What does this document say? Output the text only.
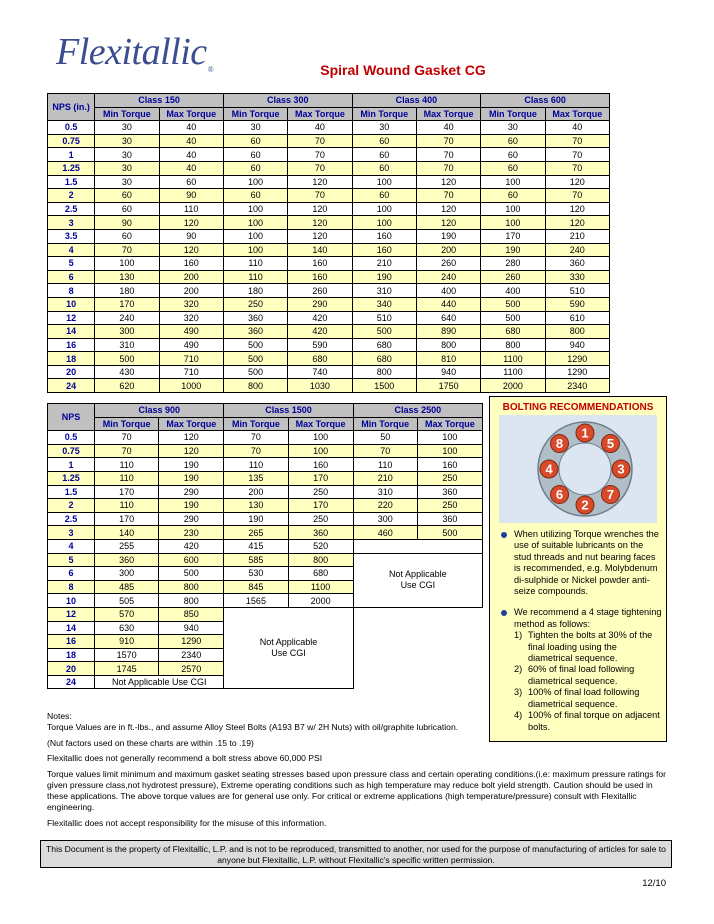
Flexitallic®	Spiral Wound Gasket CG
NPS (in.)	Class 150		Class 300		Class 400		Class 600	
	Min Torque	Max Torque	Min Torque	Max Torque	Min Torque	Max Torque	Min Torque	Max Torque
0.5	30	40	30	40	30	40	30	40
0.75	30	40	60	70	60	70	60	70
1	30	40	60	70	60	70	60	70
1.25	30	40	60	70	60	70	60	70
1.5	30	60	100	120	100	120	100	120
2	60	90	60	70	60	70	60	70
2.5	60	110	100	120	100	120	100	120
3	90	120	100	120	100	120	100	120
3.5	60	90	100	120	160	190	170	210
4	70	120	100	140	160	200	190	240
5	100	160	110	160	210	260	280	360
6	130	200	110	160	190	240	260	330
8	180	200	180	260	310	400	400	510
10	170	320	250	290	340	440	500	590
12	240	320	360	420	510	640	500	610
14	300	490	360	420	500	890	680	800
16	310	490	500	590	680	800	800	940
18	500	710	500	680	680	810	1100	1290
20	430	710	500	740	800	940	1100	1290
24	620	1000	800	1030	1500	1750	2000	2340
NPS	Class 900		Class 1500		Class 2500	
	Min Torque	Max Torque	Min Torque	Max Torque	Min Torque	Max Torque
0.5	70	120	70	100	50	100
0.75	70	120	70	100	70	100
1	110	190	110	160	110	160
1.25	110	190	135	170	210	250
1.5	170	290	200	250	310	360
2	110	190	130	170	220	250
2.5	170	290	190	250	300	360
3	140	230	265	360	460	500
4	255	420	415	520		
5	360	600	585	800	Not Applicable
Use CGI	

6	300	500	530	680		
8	485	800	845	1100		
10	505	800	1565	2000		
12	570	850	Not Applicable
Use CGI			

14	630	940				
16	910	1290				
18	1570	2340				
20	1745	2570				
24	Not Applicable Use CGI					
BOLTING RECOMMENDATIONS
1
5
3
7
2
6
4
8
When utilizing Torque wrenches the use of suitable lubricants on the stud threads and nut bearing faces is recommended, e.g. Molybdenum di-sulphide or Nickel powder anti-seize compounds.
We recommend a 4 stage tightening method as follows:
1) Tighten the bolts at 30% of the final loading using the diametrical sequence.
2) 60% of final load following diametrical sequence.
3) 100% of final load following diametrical sequence.
4) 100% of final torque on adjacent bolts.

Notes:

Torque Values are in ft.-lbs., and assume Alloy Steel Bolts (A193 B7 w/ 2H Nuts) with oil/graphite lubrication.

(Nut factors used on these charts are within .15 to .19)

Flexitallic does not generally recommend a bolt stress above 60,000 PSI

Torque values limit minimum and maximum gasket seating stresses based upon pressure class and certain operating conditions.(i.e: maximum pressure ratings for given pressure class,not hydrotest pressure), Extreme operating conditions such as high temperature may reduce bolt yield strength. Caution should be used in these applications. The above torque values are for general use only. For critical or extreme applications (high temperature/pressure) consult with Flexitallic engineering.

Flexitallic does not accept responsibility for the misuse of this information.

This Document is the property of Flexitallic, L.P. and is not to be reproduced, transmitted to another, nor used for the purpose of manufacturing of articles for sale to anyone but Flexitallic, L.P. without Flexitallic's specific written permission.
12/10
